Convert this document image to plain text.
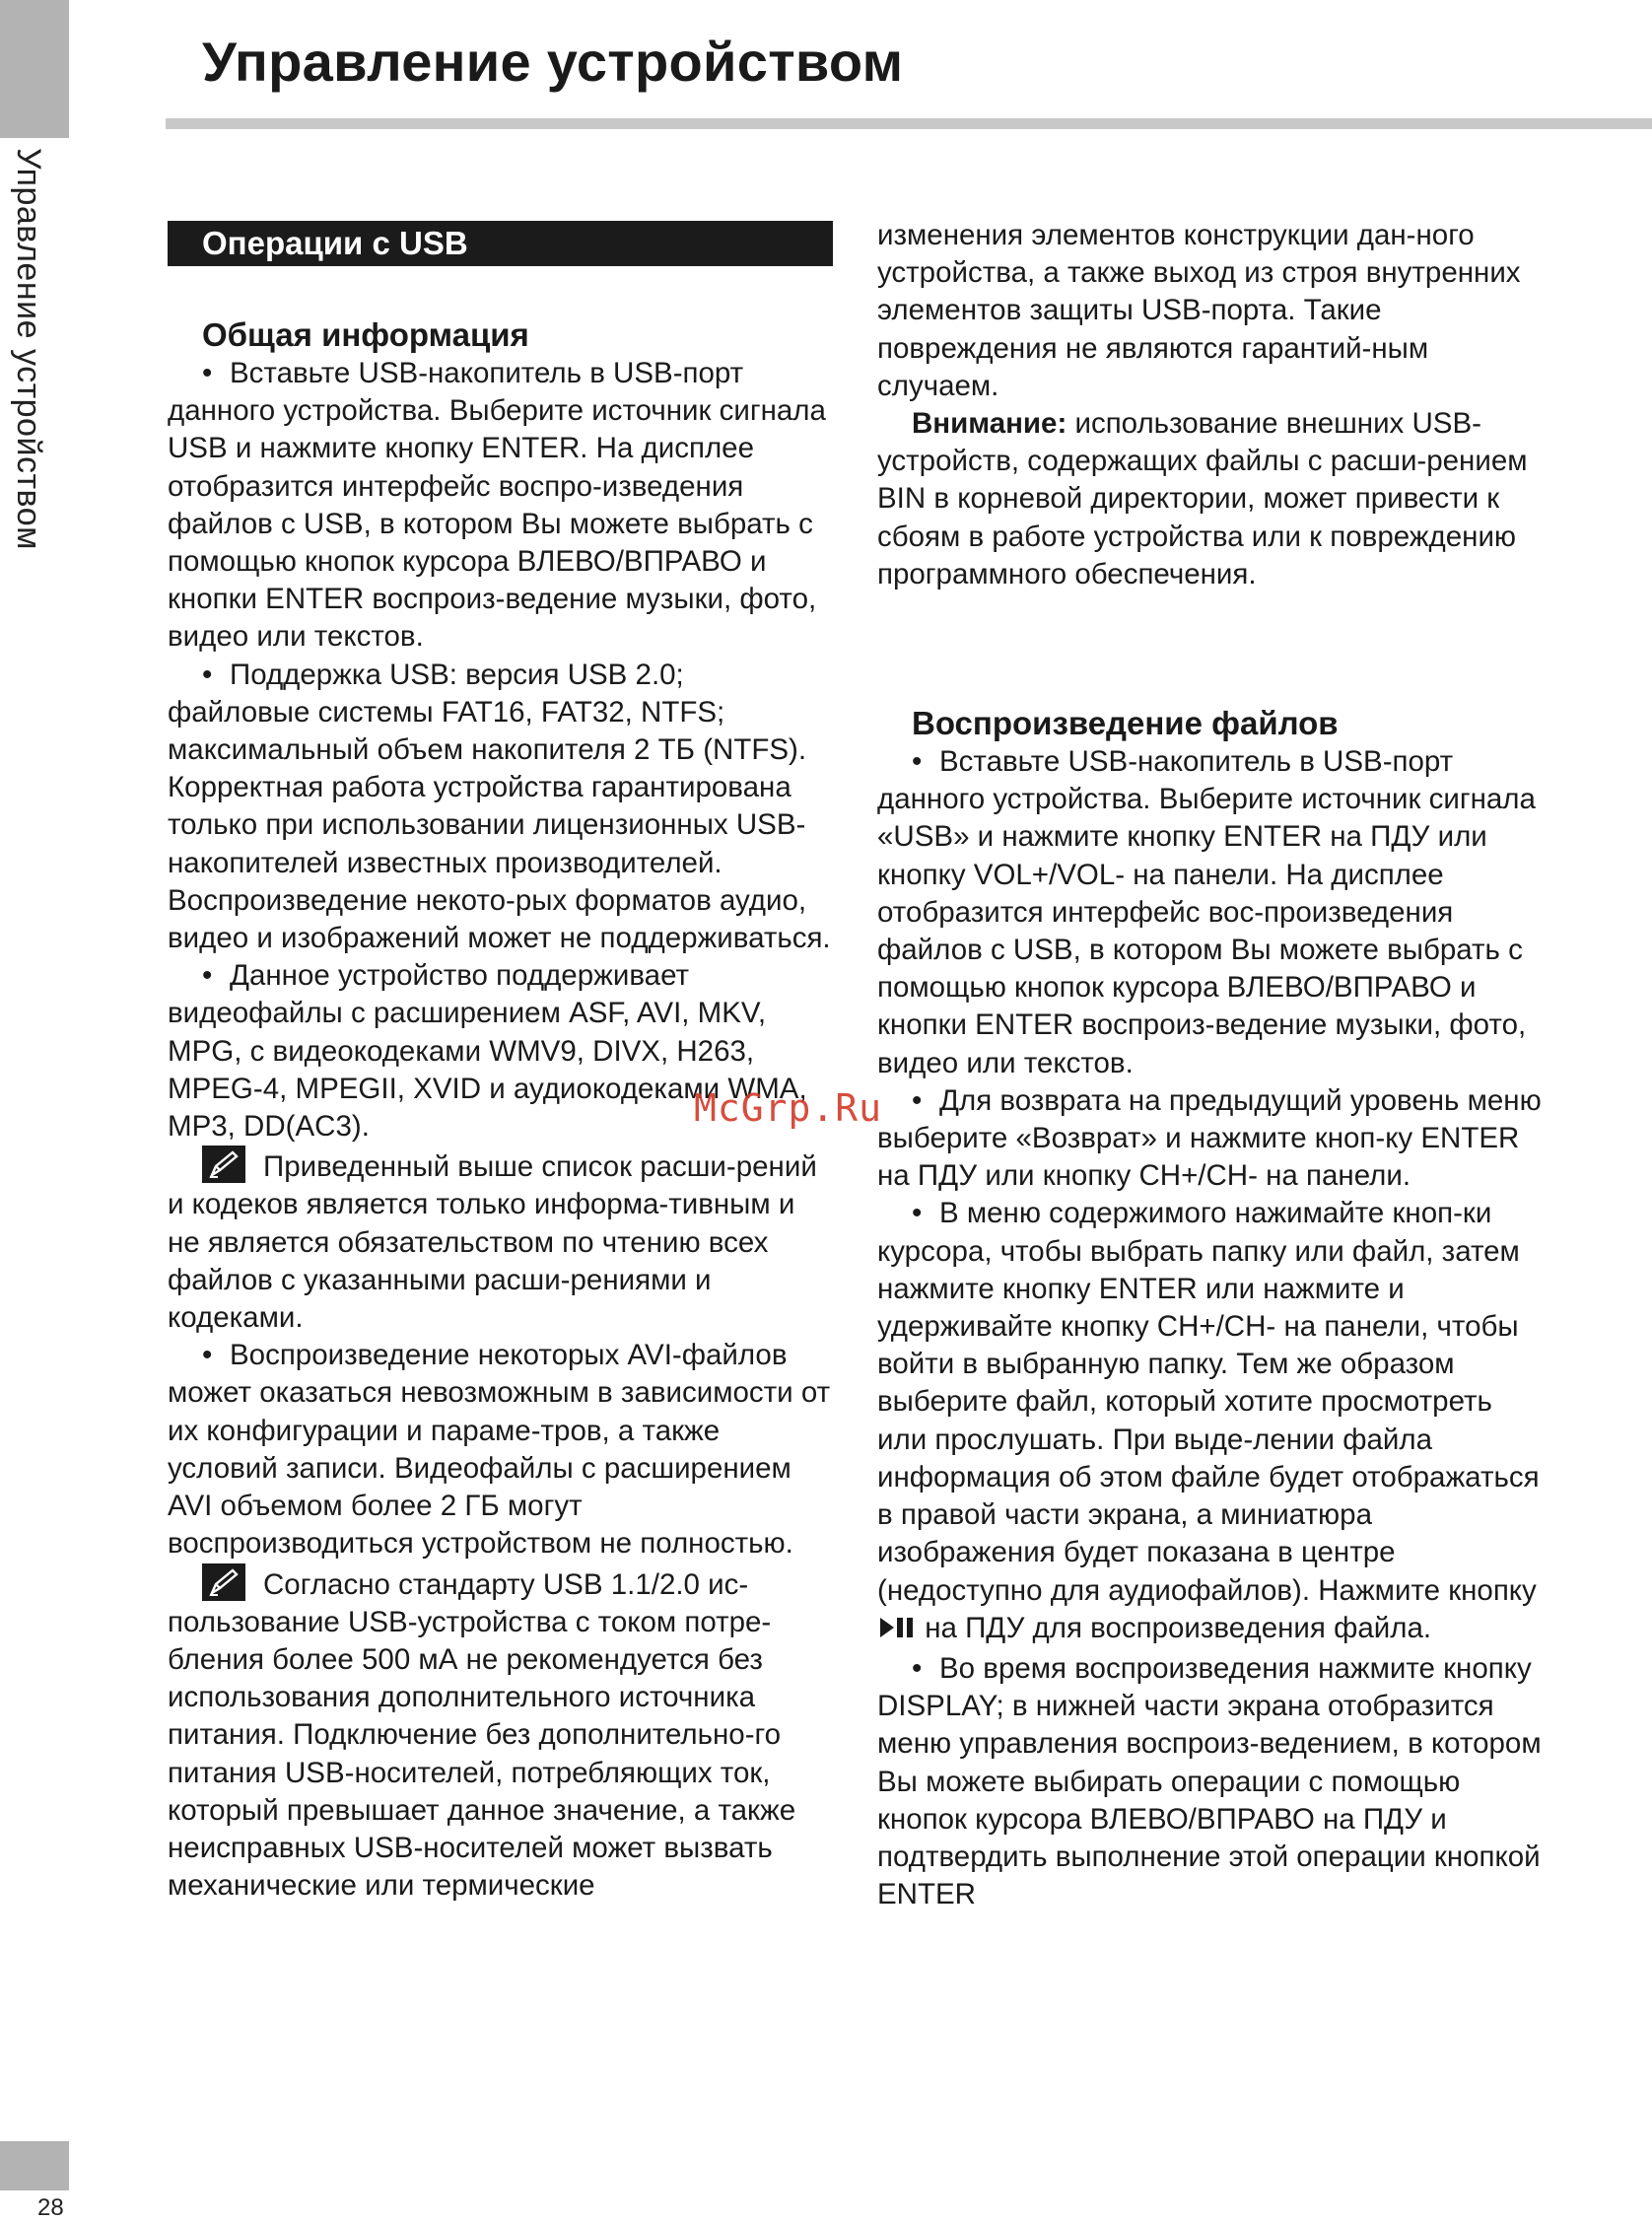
Управление устройством
28
Управление устройством
Операции с USB

Общая информация

• Вставьте USB-накопитель в USB-порт данного устройства. Выберите источник сигнала USB и нажмите кнопку ENTER. На дисплее отобразится интерфейс воспро-изведения файлов с USB, в котором Вы можете выбрать с помощью кнопок курсора ВЛЕВО/ВПРАВО и кнопки ENTER воспроиз-ведение музыки, фото, видео или текстов.

• Поддержка USB: версия USB 2.0; файловые системы FAT16, FAT32, NTFS; максимальный объем накопителя 2 ТБ (NTFS). Корректная работа устройства гарантирована только при использовании лицензионных USB-накопителей известных производителей. Воспроизведение некото-рых форматов аудио, видео и изображений может не поддерживаться.

• Данное устройство поддерживает видеофайлы с расширением ASF, AVI, MKV, MPG, с видеокодеками WMV9, DIVX, H263, MPEG-4, MPEGII, XVID и аудиокодеками WMA, MP3, DD(AC3).

Приведенный выше список расши-рений и кодеков является только информа-тивным и не является обязательством по чтению всех файлов с указанными расши-рениями и кодеками.

• Воспроизведение некоторых AVI-файлов может оказаться невозможным в зависимости от их конфигурации и параме-тров, а также условий записи. Видеофайлы с расширением AVI объемом более 2 ГБ могут воспроизводиться устройством не полностью.

Согласно стандарту USB 1.1/2.0 ис-пользование USB-устройства с током потре-бления более 500 мА не рекомендуется без использования дополнительного источника питания. Подключение без дополнительно-го питания USB-носителей, потребляющих ток, который превышает данное значение, а также неисправных USB-носителей может вызвать механические или термические

изменения элементов конструкции дан-ного устройства, а также выход из строя внутренних элементов защиты USB-порта. Такие повреждения не являются гарантий-ным случаем.

Внимание: использование внешних USB-устройств, содержащих файлы с расши-рением BIN в корневой директории, может привести к сбоям в работе устройства или к повреждению программного обеспечения.

Воспроизведение файлов

• Вставьте USB-накопитель в USB-порт данного устройства. Выберите источник сигнала «USB» и нажмите кнопку ENTER на ПДУ или кнопку VOL+/VOL- на панели. На дисплее отобразится интерфейс вос-произведения файлов с USB, в котором Вы можете выбрать с помощью кнопок курсора ВЛЕВО/ВПРАВО и кнопки ENTER воспроиз-ведение музыки, фото, видео или текстов.

• Для возврата на предыдущий уровень меню выберите «Возврат» и нажмите кноп-ку ENTER на ПДУ или кнопку CH+/CH- на панели.

• В меню содержимого нажимайте кноп-ки курсора, чтобы выбрать папку или файл, затем нажмите кнопку ENTER или нажмите и удерживайте кнопку CH+/CH- на панели, чтобы войти в выбранную папку. Тем же образом выберите файл, который хотите просмотреть или прослушать. При выде-лении файла информация об этом файле будет отображаться в правой части экрана, а миниатюра изображения будет показана в центре (недоступно для аудиофайлов). Нажмите кнопку  на ПДУ для воспроизведения файла.

• Во время воспроизведения нажмите кнопку DISPLAY; в нижней части экрана отобразится меню управления воспроиз-ведением, в котором Вы можете выбирать операции с помощью кнопок курсора ВЛЕВО/ВПРАВО на ПДУ и подтвердить выполнение этой операции кнопкой ENTER

McGrp.Ru
